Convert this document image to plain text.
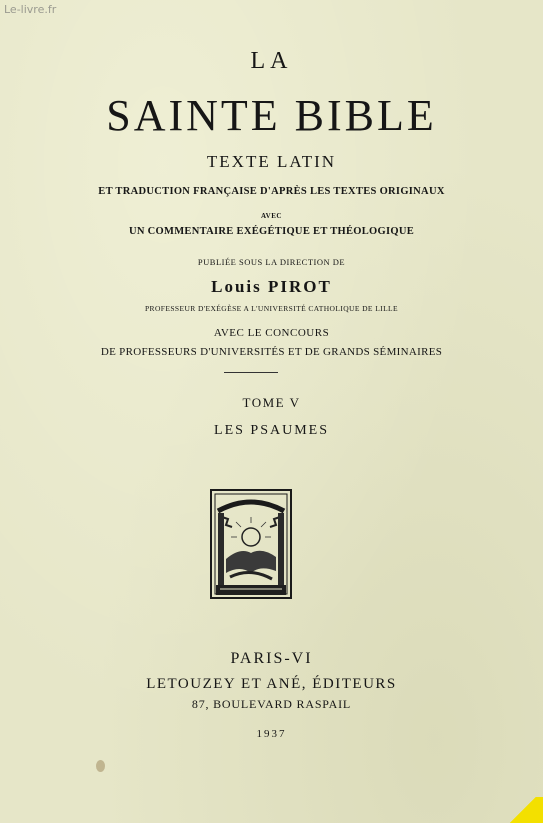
Le-livre.fr
LA
SAINTE BIBLE
TEXTE LATIN
ET TRADUCTION FRANÇAISE D'APRÈS LES TEXTES ORIGINAUX
AVEC
UN COMMENTAIRE EXÉGÉTIQUE ET THÉOLOGIQUE
PUBLIÉE SOUS LA DIRECTION DE
Louis PIROT
PROFESSEUR D'EXÉGÈSE A L'UNIVERSITÉ CATHOLIQUE DE LILLE
AVEC LE CONCOURS
DE PROFESSEURS D'UNIVERSITÉS ET DE GRANDS SÉMINAIRES
TOME V
LES PSAUMES
PARIS-VI
LETOUZEY ET ANÉ, ÉDITEURS
87, BOULEVARD RASPAIL
1937
